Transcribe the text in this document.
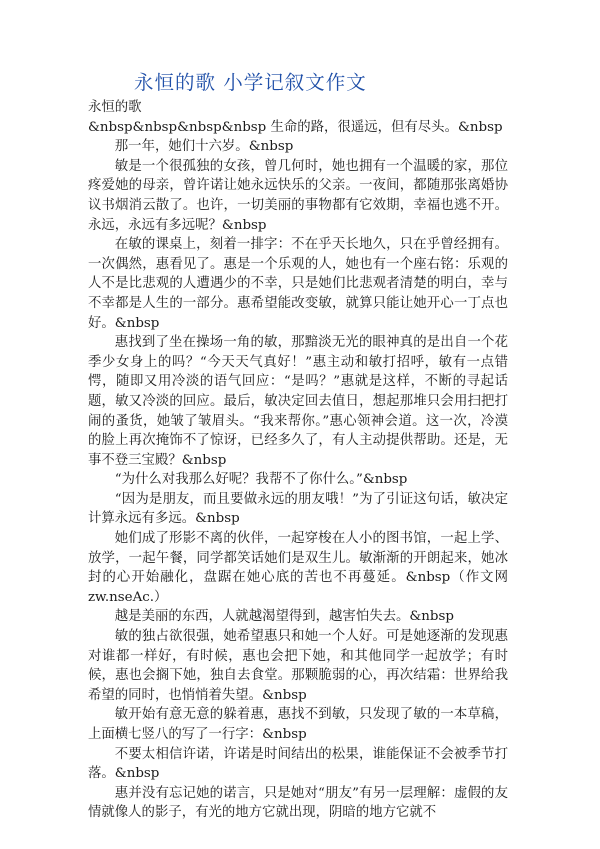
永恒的歌 小学记叙文作文

永恒的歌

&nbsp&nbsp&nbsp&nbsp 生命的路，很遥远，但有尽头。&nbsp

那一年，她们十六岁。&nbsp

敏是一个很孤独的女孩，曾几何时，她也拥有一个温暖的家，那位疼爱她的母亲，曾许诺让她永远快乐的父亲。一夜间，都随那张离婚协议书烟消云散了。也许，一切美丽的事物都有它效期，幸福也逃不开。永远，永远有多远呢？&nbsp

在敏的课桌上，刻着一排字：不在乎天长地久，只在乎曾经拥有。一次偶然，惠看见了。惠是一个乐观的人，她也有一个座右铭：乐观的人不是比悲观的人遭遇少的不幸，只是她们比悲观者清楚的明白，幸与不幸都是人生的一部分。惠希望能改变敏，就算只能让她开心一丁点也好。&nbsp

惠找到了坐在操场一角的敏，那黯淡无光的眼神真的是出自一个花季少女身上的吗？“今天天气真好！”惠主动和敏打招呼，敏有一点错愕，随即又用冷淡的语气回应：“是吗？”惠就是这样，不断的寻起话题，敏又冷淡的回应。最后，敏决定回去值日，想起那堆只会用扫把打闹的蚤货，她皱了皱眉头。“我来帮你。”惠心领神会道。这一次，冷漠的脸上再次掩饰不了惊讶，已经多久了，有人主动提供帮助。还是，无事不登三宝殿？&nbsp

“为什么对我那么好呢？我帮不了你什么。”&nbsp

“因为是朋友，而且要做永远的朋友哦！”为了引证这句话，敏决定计算永远有多远。&nbsp

她们成了形影不离的伙伴，一起穿梭在人小的图书馆，一起上学、放学，一起午餐，同学都笑话她们是双生儿。敏渐渐的开朗起来，她冰封的心开始融化，盘踞在她心底的苦也不再蔓延。&nbsp（作文网 zw.nseAc.）

越是美丽的东西，人就越渴望得到，越害怕失去。&nbsp

敏的独占欲很强，她希望惠只和她一个人好。可是她逐渐的发现惠对谁都一样好，有时候，惠也会把下她，和其他同学一起放学；有时候，惠也会搁下她，独自去食堂。那颗脆弱的心，再次结霜：世界给我希望的同时，也悄悄着失望。&nbsp

敏开始有意无意的躲着惠，惠找不到敏，只发现了敏的一本草稿，上面横七竖八的写了一行字：&nbsp

不要太相信许诺，许诺是时间结出的松果，谁能保证不会被季节打落。&nbsp

惠并没有忘记她的诺言，只是她对“朋友”有另一层理解：虚假的友情就像人的影子，有光的地方它就出现，阴暗的地方它就不
